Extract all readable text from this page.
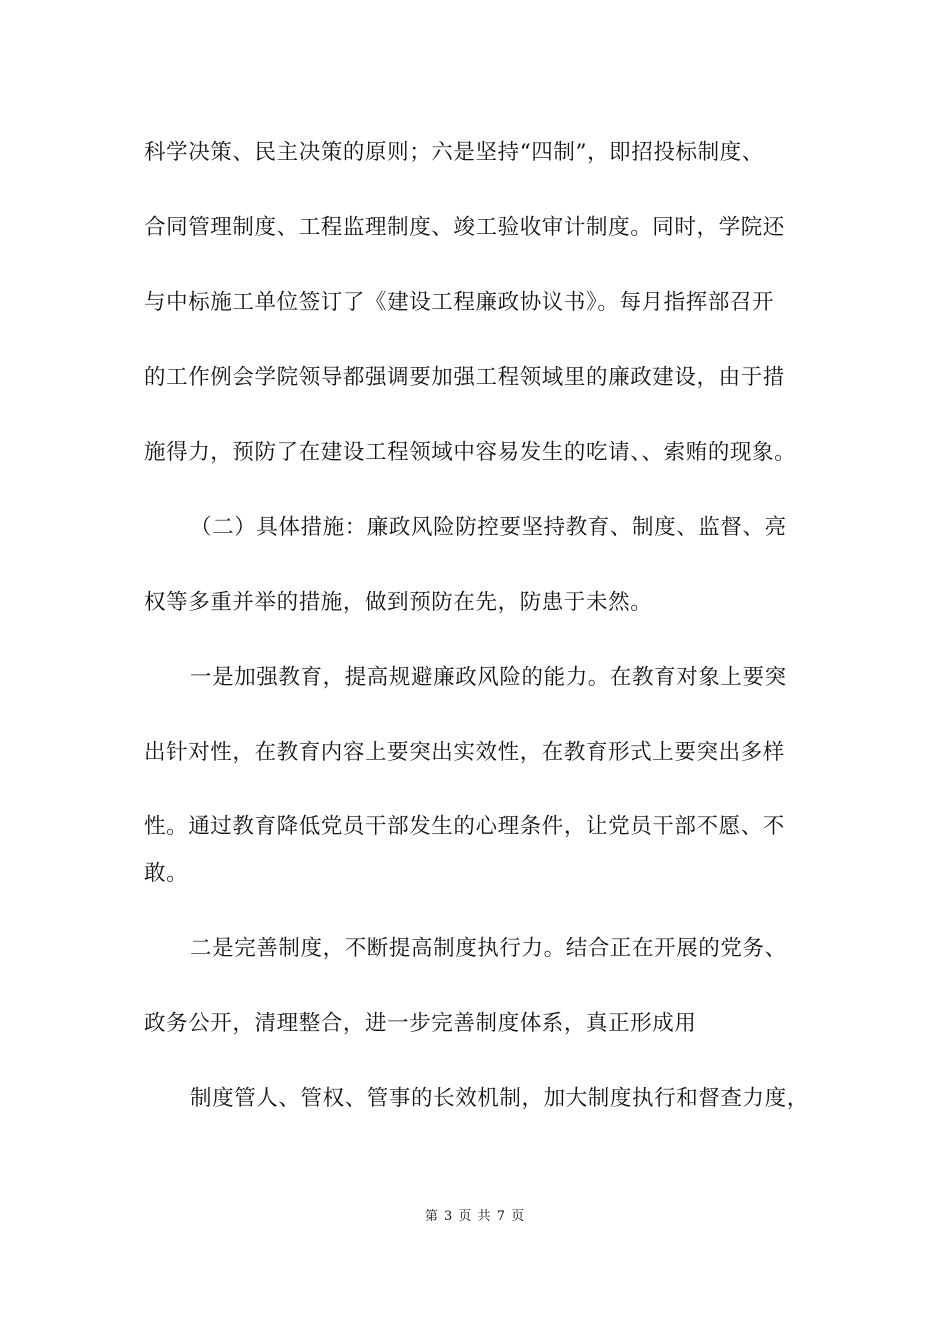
科学决策、民主决策的原则；六是坚持“四制”，即招投标制度、
合同管理制度、工程监理制度、竣工验收审计制度。同时，学院还
与中标施工单位签订了《建设工程廉政协议书》。每月指挥部召开
的工作例会学院领导都强调要加强工程领域里的廉政建设，由于措
施得力，预防了在建设工程领域中容易发生的吃请、、索贿的现象。
（二）具体措施：廉政风险防控要坚持教育、制度、监督、亮
权等多重并举的措施，做到预防在先，防患于未然。
一是加强教育，提高规避廉政风险的能力。在教育对象上要突
出针对性，在教育内容上要突出实效性，在教育形式上要突出多样
性。通过教育降低党员干部发生的心理条件，让党员干部不愿、不
敢。
二是完善制度，不断提高制度执行力。结合正在开展的党务、
政务公开，清理整合，进一步完善制度体系，真正形成用
制度管人、管权、管事的长效机制，加大制度执行和督查力度，
第 3 页 共 7 页
